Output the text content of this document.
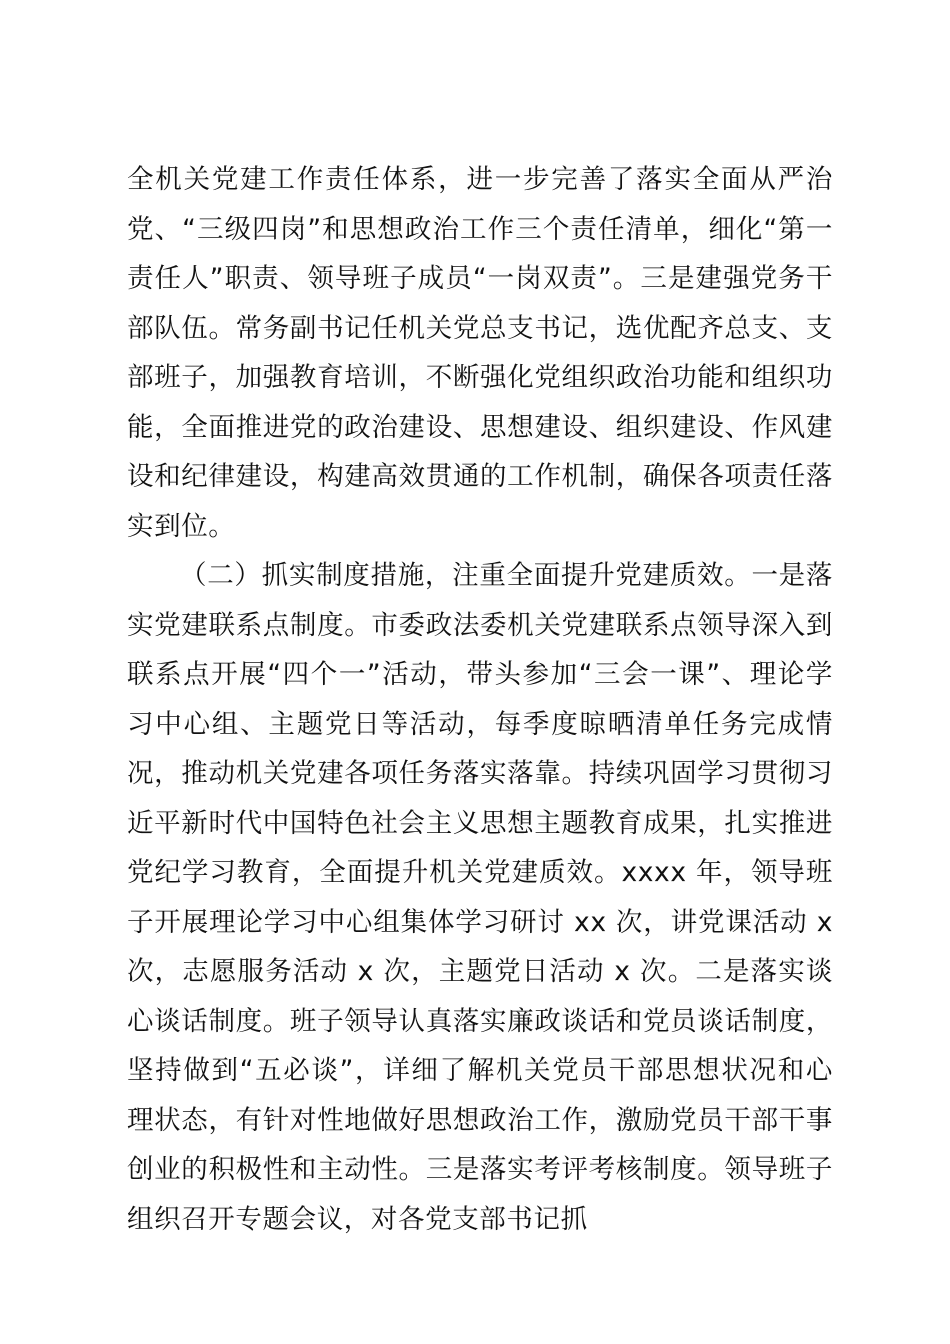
全机关党建工作责任体系，进一步完善了落实全面从严治党、“三级四岗”和思想政治工作三个责任清单，细化“第一责任人”职责、领导班子成员“一岗双责”。三是建强党务干部队伍。常务副书记任机关党总支书记，选优配齐总支、支部班子，加强教育培训，不断强化党组织政治功能和组织功能，全面推进党的政治建设、思想建设、组织建设、作风建设和纪律建设，构建高效贯通的工作机制，确保各项责任落实到位。

（二）抓实制度措施，注重全面提升党建质效。一是落实党建联系点制度。市委政法委机关党建联系点领导深入到联系点开展“四个一”活动，带头参加“三会一课”、理论学习中心组、主题党日等活动，每季度晾晒清单任务完成情况，推动机关党建各项任务落实落靠。持续巩固学习贯彻习近平新时代中国特色社会主义思想主题教育成果，扎实推进党纪学习教育，全面提升机关党建质效。xxxx 年，领导班子开展理论学习中心组集体学习研讨 xx 次，讲党课活动 x 次，志愿服务活动 x 次，主题党日活动 x 次。二是落实谈心谈话制度。班子领导认真落实廉政谈话和党员谈话制度，坚持做到“五必谈”，详细了解机关党员干部思想状况和心理状态，有针对性地做好思想政治工作，激励党员干部干事创业的积极性和主动性。三是落实考评考核制度。领导班子组织召开专题会议，对各党支部书记抓
